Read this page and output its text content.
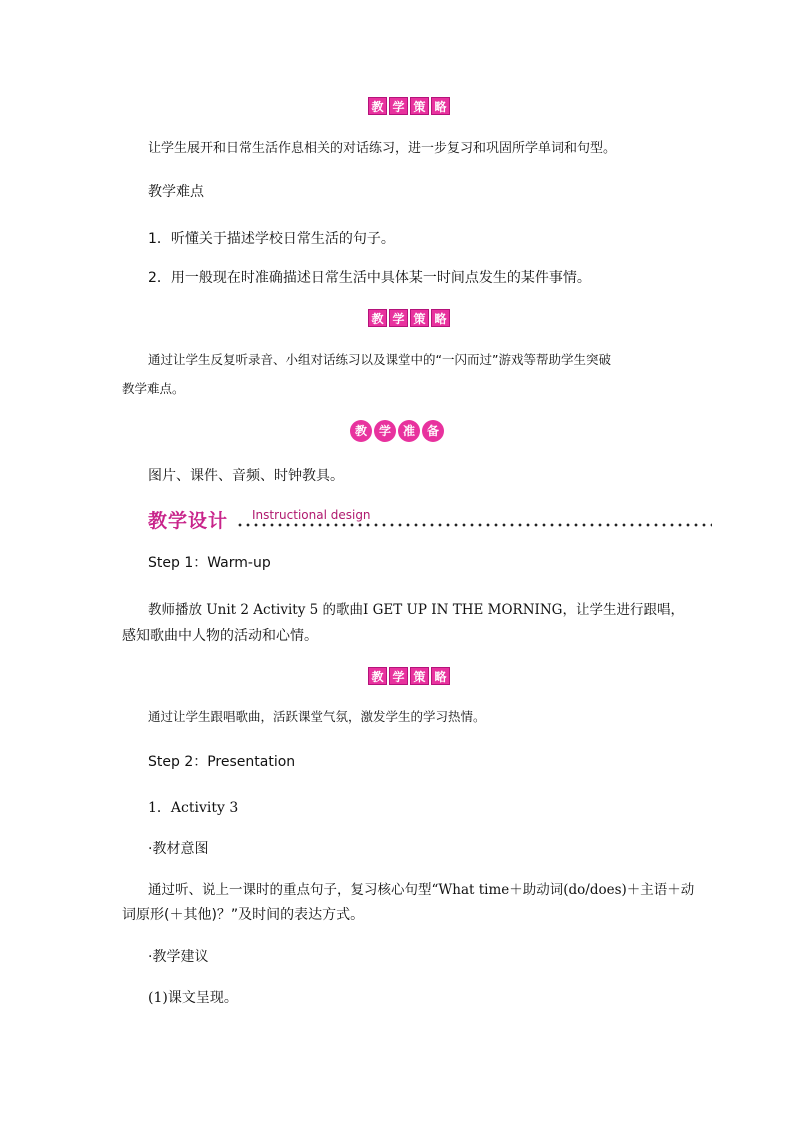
教 学 策 略
让学生展开和日常生活作息相关的对话练习，进一步复习和巩固所学单词和句型。
教学难点
1．听懂关于描述学校日常生活的句子。
2．用一般现在时准确描述日常生活中具体某一时间点发生的某件事情。
教 学 策 略
通过让学生反复听录音、小组对话练习以及课堂中的“一闪而过”游戏等帮助学生突破
教学难点。
教 学 准 备
图片、课件、音频、时钟教具。
教学设计 Instructional design
Step 1：Warm-up
教师播放 Unit 2 Activity 5 的歌曲I GET UP IN THE MORNING，让学生进行跟唱，
感知歌曲中人物的活动和心情。
教 学 策 略
通过让学生跟唱歌曲，活跃课堂气氛，激发学生的学习热情。
Step 2：Presentation
1．Activity 3
·教材意图
通过听、说上一课时的重点句子，复习核心句型“What time＋助动词(do/does)＋主语＋动
词原形(＋其他)？”及时间的表达方式。
·教学建议
(1)课文呈现。
